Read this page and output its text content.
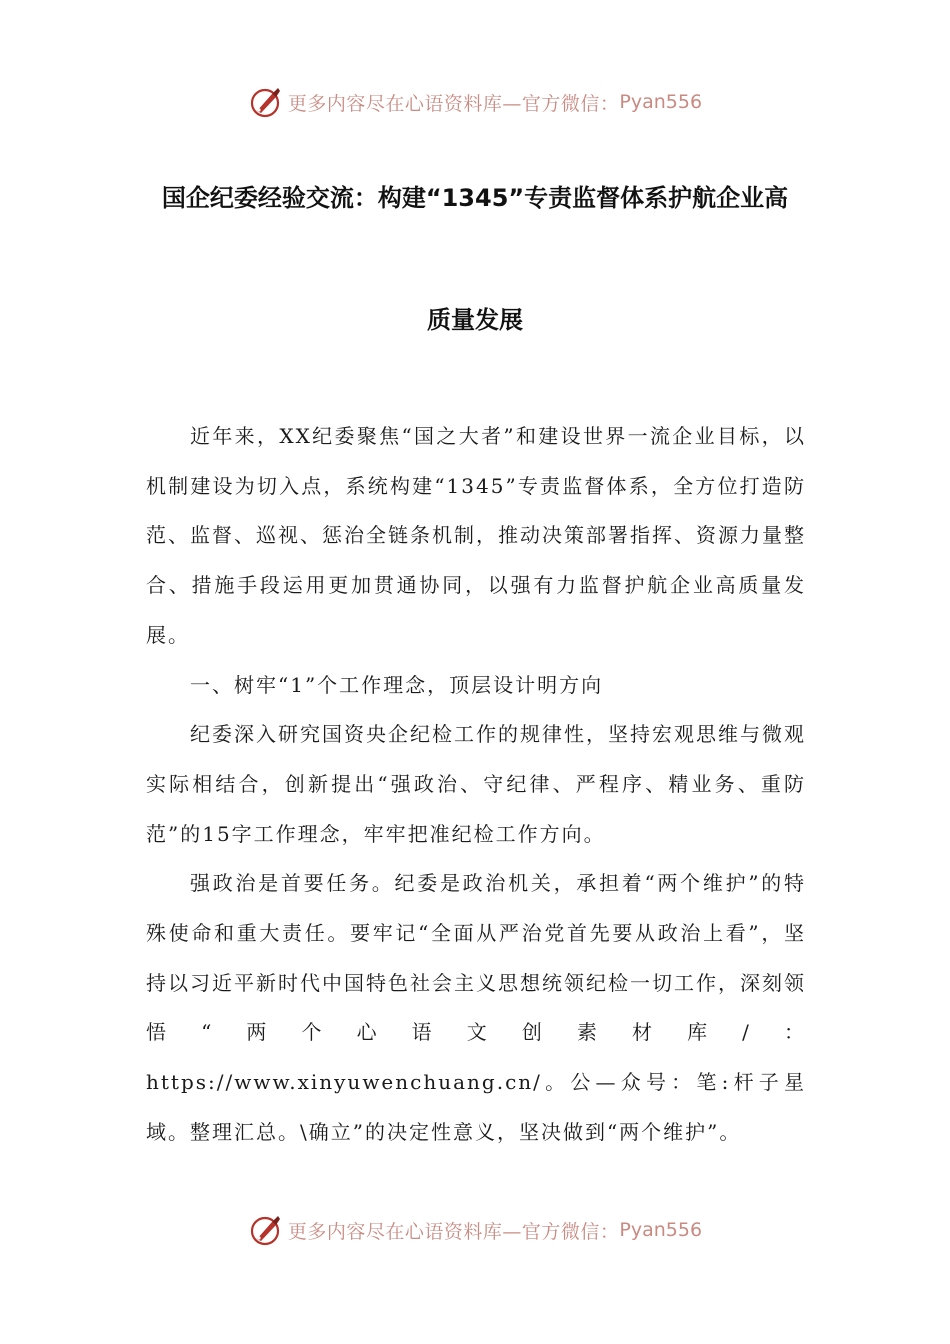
更多内容尽在心语资料库—官方微信： Pyan556
国企纪委经验交流：构建“1345”专责监督体系护航企业高
质量发展

近年来，XX纪委聚焦“国之大者”和建设世界一流企业目标，以机制建设为切入点，系统构建“1345”专责监督体系，全方位打造防范、监督、巡视、惩治全链条机制，推动决策部署指挥、资源力量整合、措施手段运用更加贯通协同，以强有力监督护航企业高质量发展。

一、树牢“1”个工作理念，顶层设计明方向

纪委深入研究国资央企纪检工作的规律性，坚持宏观思维与微观实际相结合，创新提出“强政治、守纪律、严程序、精业务、重防范”的15字工作理念，牢牢把准纪检工作方向。

强政治是首要任务。纪委是政治机关，承担着“两个维护”的特殊使命和重大责任。要牢记“全面从严治党首先要从政治上看”，坚持以习近平新时代中国特色社会主义思想统领纪检一切工作，深刻领悟“两个心语文创素材库/：https://www.xinyuwenchuang.cn/。公—众号：笔:杆子星域。整理汇总。\确立”的决定性意义，坚决做到“两个维护”。

更多内容尽在心语资料库—官方微信： Pyan556
